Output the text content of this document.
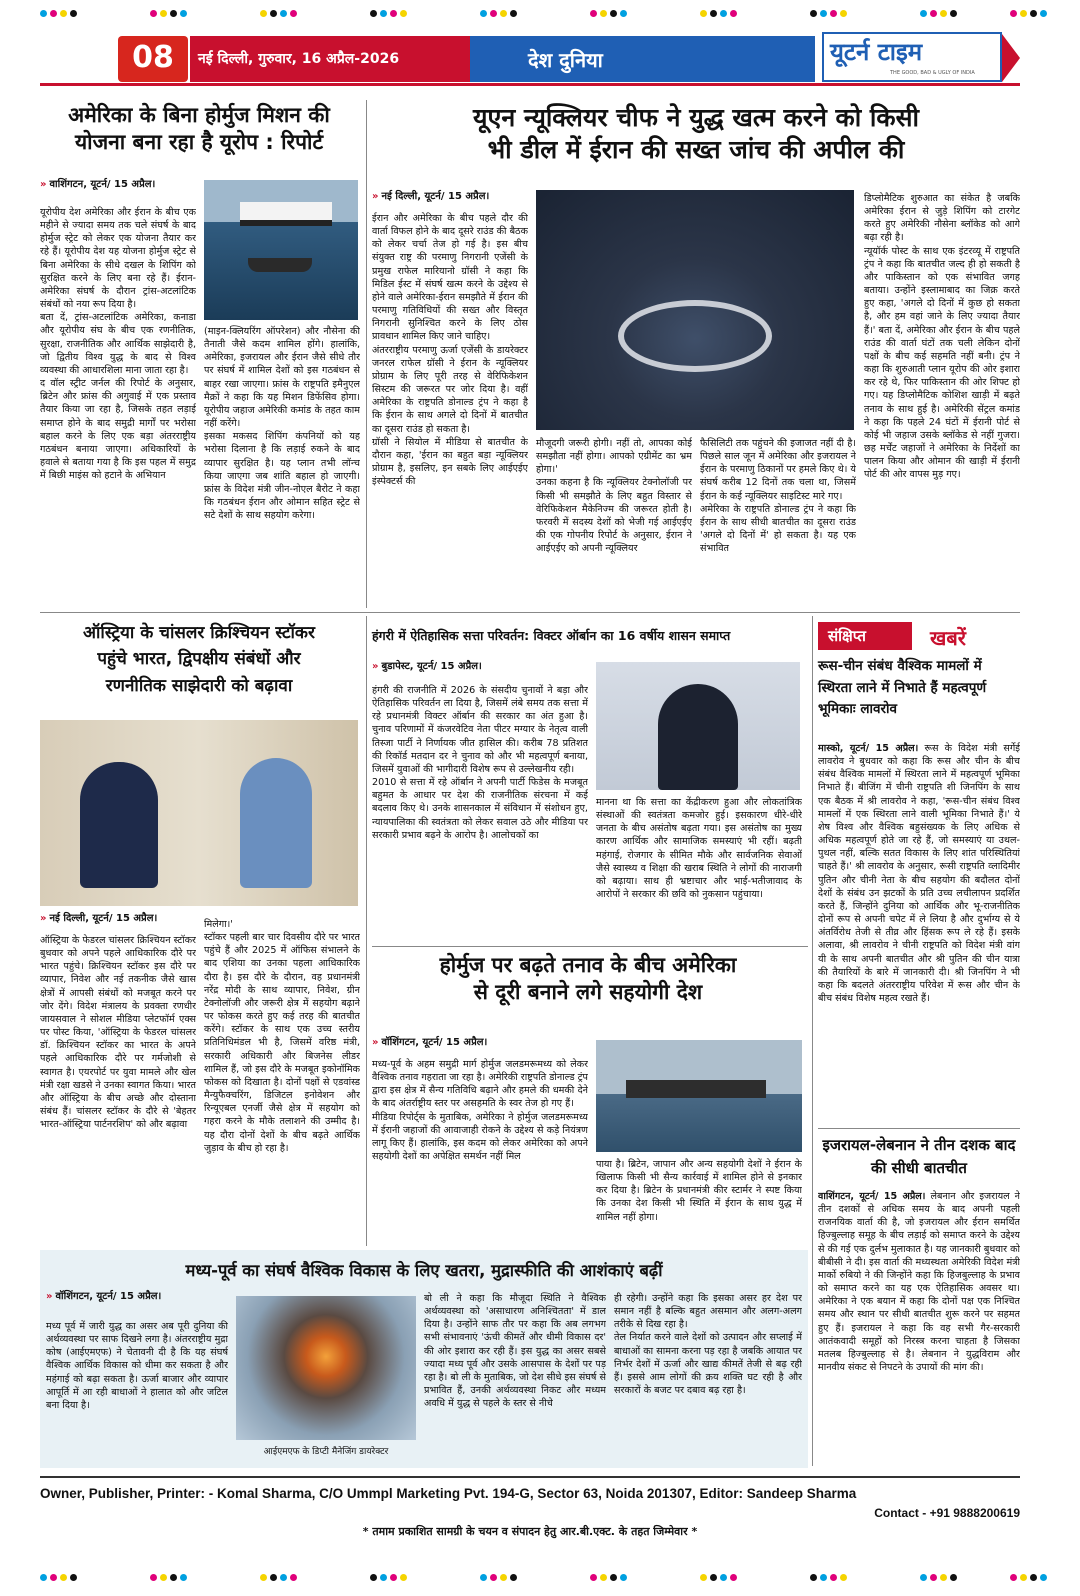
08	नई दिल्ली, गुरुवार, 16 अप्रैल-2026	देश दुनिया	यूटर्न टाइम
THE GOOD, BAD & UGLY OF INDIA
अमेरिका के बिना होर्मुज मिशन की
योजना बना रहा है यूरोप : रिपोर्ट
» वाशिंगटन, यूटर्न/ 15 अप्रैल।
यूरोपीय देश अमेरिका और ईरान के बीच एक महीने से ज्यादा समय तक चले संघर्ष के बाद होर्मुज स्ट्रेट को लेकर एक योजना तैयार कर रहे हैं। यूरोपीय देश यह योजना होर्मुज स्ट्रेट से बिना अमेरिका के सीधे दखल के शिपिंग को सुरक्षित करने के लिए बना रहे हैं। ईरान-अमेरिका संघर्ष के दौरान ट्रांस-अटलांटिक संबंधों को नया रूप दिया है।
बता दें, ट्रांस-अटलांटिक अमेरिका, कनाडा और यूरोपीय संघ के बीच एक रणनीतिक, सुरक्षा, राजनीतिक और आर्थिक साझेदारी है, जो द्वितीय विश्व युद्ध के बाद से विश्व व्यवस्था की आधारशिला माना जाता रहा है।
द वॉल स्ट्रीट जर्नल की रिपोर्ट के अनुसार, ब्रिटेन और फ्रांस की अगुवाई में एक प्रस्ताव तैयार किया जा रहा है, जिसके तहत लड़ाई समाप्त होने के बाद समुद्री मार्गों पर भरोसा बहाल करने के लिए एक बड़ा अंतरराष्ट्रीय गठबंधन बनाया जाएगा। अधिकारियों के हवाले से बताया गया है कि इस पहल में समुद्र में बिछी माइंस को हटाने के अभियान
(माइन-क्लियरिंग ऑपरेशन) और नौसेना की तैनाती जैसे कदम शामिल होंगे। हालांकि, अमेरिका, इजरायल और ईरान जैसे सीधे तौर पर संघर्ष में शामिल देशों को इस गठबंधन से बाहर रखा जाएगा। फ्रांस के राष्ट्रपति इमैनुएल मैक्रों ने कहा कि यह मिशन डिफेंसिव होगा। यूरोपीय जहाज अमेरिकी कमांड के तहत काम नहीं करेंगे।
इसका मकसद शिपिंग कंपनियों को यह भरोसा दिलाना है कि लड़ाई रुकने के बाद व्यापार सुरक्षित है। यह प्लान तभी लॉन्च किया जाएगा जब शांति बहाल हो जाएगी। फ्रांस के विदेश मंत्री जीन-नोएल बैरोट ने कहा कि गठबंधन ईरान और ओमान सहित स्ट्रेट से सटे देशों के साथ सहयोग करेगा।
यूएन न्यूक्लियर चीफ ने युद्ध खत्म करने को किसी
भी डील में ईरान की सख्त जांच की अपील की
» नई दिल्ली, यूटर्न/ 15 अप्रैल।
ईरान और अमेरिका के बीच पहले दौर की वार्ता विफल होने के बाद दूसरे राउंड की बैठक को लेकर चर्चा तेज हो गई है। इस बीच संयुक्त राष्ट्र की परमाणु निगरानी एजेंसी के प्रमुख राफेल मारियानो ग्रॉसी ने कहा कि मिडिल ईस्ट में संघर्ष खत्म करने के उद्देश्य से होने वाले अमेरिका-ईरान समझौते में ईरान की परमाणु गतिविधियों की सख्त और विस्तृत निगरानी सुनिश्चित करने के लिए ठोस प्रावधान शामिल किए जाने चाहिए।
अंतरराष्ट्रीय परमाणु ऊर्जा एजेंसी के डायरेक्टर जनरल राफेल ग्रॉसी ने ईरान के न्यूक्लियर प्रोग्राम के लिए पूरी तरह से वेरिफिकेशन सिस्टम की जरूरत पर जोर दिया है। वहीं अमेरिका के राष्ट्रपति डोनाल्ड ट्रंप ने कहा है कि ईरान के साथ अगले दो दिनों में बातचीत का दूसरा राउंड हो सकता है।
ग्रॉसी ने सियोल में मीडिया से बातचीत के दौरान कहा, 'ईरान का बहुत बड़ा न्यूक्लियर प्रोग्राम है, इसलिए, इन सबके लिए आईएईए इंस्पेक्टर्स की
मौजूदगी जरूरी होगी। नहीं तो, आपका कोई समझौता नहीं होगा। आपको एग्रीमेंट का भ्रम होगा।'
उनका कहना है कि न्यूक्लियर टेक्नोलॉजी पर किसी भी समझौते के लिए बहुत विस्तार से वेरिफिकेशन मैकेनिज्म की जरूरत होती है। फरवरी में सदस्य देशों को भेजी गई आईएईए की एक गोपनीय रिपोर्ट के अनुसार, ईरान ने आईएईए को अपनी न्यूक्लियर
फैसिलिटी तक पहुंचने की इजाजत नहीं दी है। पिछले साल जून में अमेरिका और इजरायल ने ईरान के परमाणु ठिकानों पर हमले किए थे। ये संघर्ष करीब 12 दिनों तक चला था, जिसमें ईरान के कई न्यूक्लियर साइटिस्ट मारे गए।
अमेरिका के राष्ट्रपति डोनाल्ड ट्रंप ने कहा कि ईरान के साथ सीधी बातचीत का दूसरा राउंड 'अगले दो दिनों में' हो सकता है। यह एक संभावित
डिप्लोमैटिक शुरुआत का संकेत है जबकि अमेरिका ईरान से जुड़े शिपिंग को टारगेट करते हुए अमेरिकी नौसेना ब्लॉकेड को आगे बढ़ा रही है।
न्यूयॉर्क पोस्ट के साथ एक इंटरव्यू में राष्ट्रपति ट्रंप ने कहा कि बातचीत जल्द ही हो सकती है और पाकिस्तान को एक संभावित जगह बताया। उन्होंने इस्लामाबाद का जिक्र करते हुए कहा, 'अगले दो दिनों में कुछ हो सकता है, और हम वहां जाने के लिए ज्यादा तैयार हैं।' बता दें, अमेरिका और ईरान के बीच पहले राउंड की वार्ता घंटों तक चली लेकिन दोनों पक्षों के बीच कई सहमति नहीं बनी। ट्रंप ने कहा कि शुरुआती प्लान यूरोप की ओर इशारा कर रहे थे, फिर पाकिस्तान की ओर शिफ्ट हो गए। यह डिप्लोमैटिक कोशिश खाड़ी में बढ़ते तनाव के साथ हुई है। अमेरिकी सेंट्रल कमांड ने कहा कि पहले 24 घंटों में ईरानी पोर्ट से कोई भी जहाज उसके ब्लॉकेड से नहीं गुजरा। छह मर्चेंट जहाजों ने अमेरिका के निर्देशों का पालन किया और ओमान की खाड़ी में ईरानी पोर्ट की ओर वापस मुड़ गए।
ऑस्ट्रिया के चांसलर क्रिश्चियन स्टॉकर
पहुंचे भारत, द्विपक्षीय संबंधों और
रणनीतिक साझेदारी को बढ़ावा
» नई दिल्ली, यूटर्न/ 15 अप्रैल।
ऑस्ट्रिया के फेडरल चांसलर क्रिश्चियन स्टॉकर बुधवार को अपने पहले आधिकारिक दौरे पर भारत पहुंचे। क्रिश्चियन स्टॉकर इस दौरे पर व्यापार, निवेश और नई तकनीक जैसे खास क्षेत्रों में आपसी संबंधों को मजबूत करने पर जोर देंगे। विदेश मंत्रालय के प्रवक्ता रणधीर जायसवाल ने सोशल मीडिया प्लेटफॉर्म एक्स पर पोस्ट किया, 'ऑस्ट्रिया के फेडरल चांसलर डॉ. क्रिश्चियन स्टॉकर का भारत के अपने पहले आधिकारिक दौरे पर गर्मजोशी से स्वागत है। एयरपोर्ट पर युवा मामले और खेल मंत्री रक्षा खडसे ने उनका स्वागत किया। भारत और ऑस्ट्रिया के बीच अच्छे और दोस्ताना संबंध हैं। चांसलर स्टॉकर के दौरे से 'बेहतर भारत-ऑस्ट्रिया पार्टनरशिप' को और बढ़ावा
मिलेगा।'
स्टॉकर पहली बार चार दिवसीय दौरे पर भारत पहुंचे हैं और 2025 में ऑफिस संभालने के बाद एशिया का उनका पहला आधिकारिक दौरा है। इस दौरे के दौरान, वह प्रधानमंत्री नरेंद्र मोदी के साथ व्यापार, निवेश, ग्रीन टेक्नोलॉजी और जरूरी क्षेत्र में सहयोग बढ़ाने पर फोकस करते हुए कई तरह की बातचीत करेंगे। स्टॉकर के साथ एक उच्च स्तरीय प्रतिनिधिमंडल भी है, जिसमें वरिष्ठ मंत्री, सरकारी अधिकारी और बिजनेस लीडर शामिल हैं, जो इस दौरे के मजबूत इकोनॉमिक फोकस को दिखाता है। दोनों पक्षों से एडवांस्ड मैन्युफैक्चरिंग, डिजिटल इनोवेशन और रिन्यूएबल एनर्जी जैसे क्षेत्र में सहयोग को गहरा करने के मौके तलाशने की उम्मीद है। यह दौरा दोनों देशों के बीच बढ़ते आर्थिक जुड़ाव के बीच हो रहा है।
हंगरी में ऐतिहासिक सत्ता परिवर्तन: विक्टर ऑर्बान का 16 वर्षीय शासन समाप्त
» बुडापेस्ट, यूटर्न/ 15 अप्रैल।
हंगरी की राजनीति में 2026 के संसदीय चुनावों ने बड़ा और ऐतिहासिक परिवर्तन ला दिया है, जिसमें लंबे समय तक सत्ता में रहे प्रधानमंत्री विक्टर ऑर्बान की सरकार का अंत हुआ है। चुनाव परिणामों में कंजरवेटिव नेता पीटर मग्यार के नेतृत्व वाली तिस्जा पार्टी ने निर्णायक जीत हासिल की। करीब 78 प्रतिशत की रिकॉर्ड मतदान दर ने चुनाव को और भी महत्वपूर्ण बनाया, जिसमें युवाओं की भागीदारी विशेष रूप से उल्लेखनीय रही।
2010 से सत्ता में रहे ऑर्बान ने अपनी पार्टी फिडेस के मजबूत बहुमत के आधार पर देश की राजनीतिक संरचना में कई बदलाव किए थे। उनके शासनकाल में संविधान में संशोधन हुए, न्यायपालिका की स्वतंत्रता को लेकर सवाल उठे और मीडिया पर सरकारी प्रभाव बढ़ने के आरोप है। आलोचकों का
मानना था कि सत्ता का केंद्रीकरण हुआ और लोकतांत्रिक संस्थाओं की स्वतंत्रता कमजोर हुई। इसकारण धीरे-धीरे जनता के बीच असंतोष बढ़ता गया। इस असंतोष का मुख्य कारण आर्थिक और सामाजिक समस्याएं भी रहीं। बढ़ती महंगाई, रोजगार के सीमित मौके और सार्वजनिक सेवाओं जैसे स्वास्थ्य व शिक्षा की खराब स्थिति ने लोगों की नाराजगी को बढ़ाया। साथ ही भ्रष्टाचार और भाई-भतीजावाद के आरोपों ने सरकार की छवि को नुकसान पहुंचाया।
होर्मुज पर बढ़ते तनाव के बीच अमेरिका
से दूरी बनाने लगे सहयोगी देश
» वॉशिंगटन, यूटर्न/ 15 अप्रैल।
मध्य-पूर्व के अहम समुद्री मार्ग होर्मुज जलडमरूमध्य को लेकर वैश्विक तनाव गहराता जा रहा है। अमेरिकी राष्ट्रपति डोनाल्ड ट्रंप द्वारा इस क्षेत्र में सैन्य गतिविधि बढ़ाने और हमले की धमकी देने के बाद अंतर्राष्ट्रीय स्तर पर असहमति के स्वर तेज हो गए हैं।
मीडिया रिपोर्ट्स के मुताबिक, अमेरिका ने होर्मुज जलडमरूमध्य में ईरानी जहाजों की आवाजाही रोकने के उद्देश्य से कड़े नियंत्रण लागू किए हैं। हालांकि, इस कदम को लेकर अमेरिका को अपने सहयोगी देशों का अपेक्षित समर्थन नहीं मिल
पाया है। ब्रिटेन, जापान और अन्य सहयोगी देशों ने ईरान के खिलाफ किसी भी सैन्य कार्रवाई में शामिल होने से इनकार कर दिया है। ब्रिटेन के प्रधानमंत्री कीर स्टार्मर ने स्पष्ट किया कि उनका देश किसी भी स्थिति में ईरान के साथ युद्ध में शामिल नहीं होगा।
संक्षिप्त	खबरें
रूस-चीन संबंध वैश्विक मामलों में स्थिरता लाने में निभाते हैं महत्वपूर्ण भूमिकाः लावरोव
मास्को, यूटर्न/ 15 अप्रैल। रूस के विदेश मंत्री सर्गेई लावरोव ने बुधवार को कहा कि रूस और चीन के बीच संबंध वैश्विक मामलों में स्थिरता लाने में महत्वपूर्ण भूमिका निभाते हैं। बीजिंग में चीनी राष्ट्रपति शी जिनपिंग के साथ एक बैठक में श्री लावरोव ने कहा, 'रूस-चीन संबंध विश्व मामलों में एक स्थिरता लाने वाली भूमिका निभाते हैं।' ये शेष विश्व और वैश्विक बहुसंख्यक के लिए अधिक से अधिक महत्वपूर्ण होते जा रहे हैं, जो समस्याएं या उथल-पुथल नहीं, बल्कि सतत विकास के लिए शांत परिस्थितियां चाहते हैं।' श्री लावरोव के अनुसार, रूसी राष्ट्रपति व्लादिमीर पुतिन और चीनी नेता के बीच सहयोग की बदौलत दोनों देशों के संबंध उन झटकों के प्रति उच्च लचीलापन प्रदर्शित करते हैं, जिन्होंने दुनिया को आर्थिक और भू-राजनीतिक दोनों रूप से अपनी चपेट में ले लिया है और दुर्भाग्य से ये अंतर्विरोध तेजी से तीव्र और हिंसक रूप ले रहे हैं। इसके अलावा, श्री लावरोव ने चीनी राष्ट्रपति को विदेश मंत्री वांग यी के साथ अपनी बातचीत और श्री पुतिन की चीन यात्रा की तैयारियों के बारे में जानकारी दी। श्री जिनपिंग ने भी कहा कि बदलते अंतरराष्ट्रीय परिवेश में रूस और चीन के बीच संबंध विशेष महत्व रखते हैं।
इजरायल-लेबनान ने तीन दशक बाद की सीधी बातचीत
वाशिंगटन, यूटर्न/ 15 अप्रैल। लेबनान और इजरायल ने तीन दशकों से अधिक समय के बाद अपनी पहली राजनयिक वार्ता की है, जो इजरायल और ईरान समर्थित हिज्बुल्लाह समूह के बीच लड़ाई को समाप्त करने के उद्देश्य से की गई एक दुर्लभ मुलाकात है। यह जानकारी बुधवार को बीबीसी ने दी। इस वार्ता की मध्यस्थता अमेरिकी विदेश मंत्री मार्को रुबियो ने की जिन्होंने कहा कि हिजबुल्लाह के प्रभाव को समाप्त करने का यह एक ऐतिहासिक अवसर था। अमेरिका ने एक बयान में कहा कि दोनों पक्ष एक निश्चित समय और स्थान पर सीधी बातचीत शुरू करने पर सहमत हुए हैं। इजरायल ने कहा कि वह सभी गैर-सरकारी आतंकवादी समूहों को निरस्त्र करना चाहता है जिसका मतलब हिज्बुल्लाह से है। लेबनान ने युद्धविराम और मानवीय संकट से निपटने के उपायों की मांग की।
मध्य-पूर्व का संघर्ष वैश्विक विकास के लिए खतरा, मुद्रास्फीति की आशंकाएं बढ़ीं
» वॉशिंगटन, यूटर्न/ 15 अप्रैल।
मध्य पूर्व में जारी युद्ध का असर अब पूरी दुनिया की अर्थव्यवस्था पर साफ दिखने लगा है। अंतरराष्ट्रीय मुद्रा कोष (आईएमएफ) ने चेतावनी दी है कि यह संघर्ष वैश्विक आर्थिक विकास को धीमा कर सकता है और महंगाई को बढ़ा सकता है। ऊर्जा बाजार और व्यापार आपूर्ति में आ रही बाधाओं ने हालात को और जटिल बना दिया है।
आईएमएफ के डिप्टी मैनेजिंग डायरेक्टर
बो ली ने कहा कि मौजूदा स्थिति ने वैश्विक अर्थव्यवस्था को 'असाधारण अनिश्चितता' में डाल दिया है। उन्होंने साफ तौर पर कहा कि अब लगभग सभी संभावनाएं 'ऊंची कीमतें और धीमी विकास दर' की ओर इशारा कर रही हैं। इस युद्ध का असर सबसे ज्यादा मध्य पूर्व और उसके आसपास के देशों पर पड़ रहा है। बो ली के मुताबिक, जो देश सीधे इस संघर्ष से प्रभावित हैं, उनकी अर्थव्यवस्था निकट और मध्यम अवधि में युद्ध से पहले के स्तर से नीचे
ही रहेगी। उन्होंने कहा कि इसका असर हर देश पर समान नहीं है बल्कि बहुत असमान और अलग-अलग तरीके से दिख रहा है।
तेल निर्यात करने वाले देशों को उत्पादन और सप्लाई में बाधाओं का सामना करना पड़ रहा है जबकि आयात पर निर्भर देशों में ऊर्जा और खाद्य कीमतें तेजी से बढ़ रही हैं। इससे आम लोगों की क्रय शक्ति घट रही है और सरकारों के बजट पर दबाव बढ़ रहा है।
Owner, Publisher, Printer: - Komal Sharma, C/O Ummpl Marketing Pvt. 194-G, Sector 63, Noida 201307, Editor: Sandeep Sharma
Contact - +91 9888200619
* तमाम प्रकाशित सामग्री के चयन व संपादन हेतु आर.बी.एक्ट. के तहत जिम्मेवार *
